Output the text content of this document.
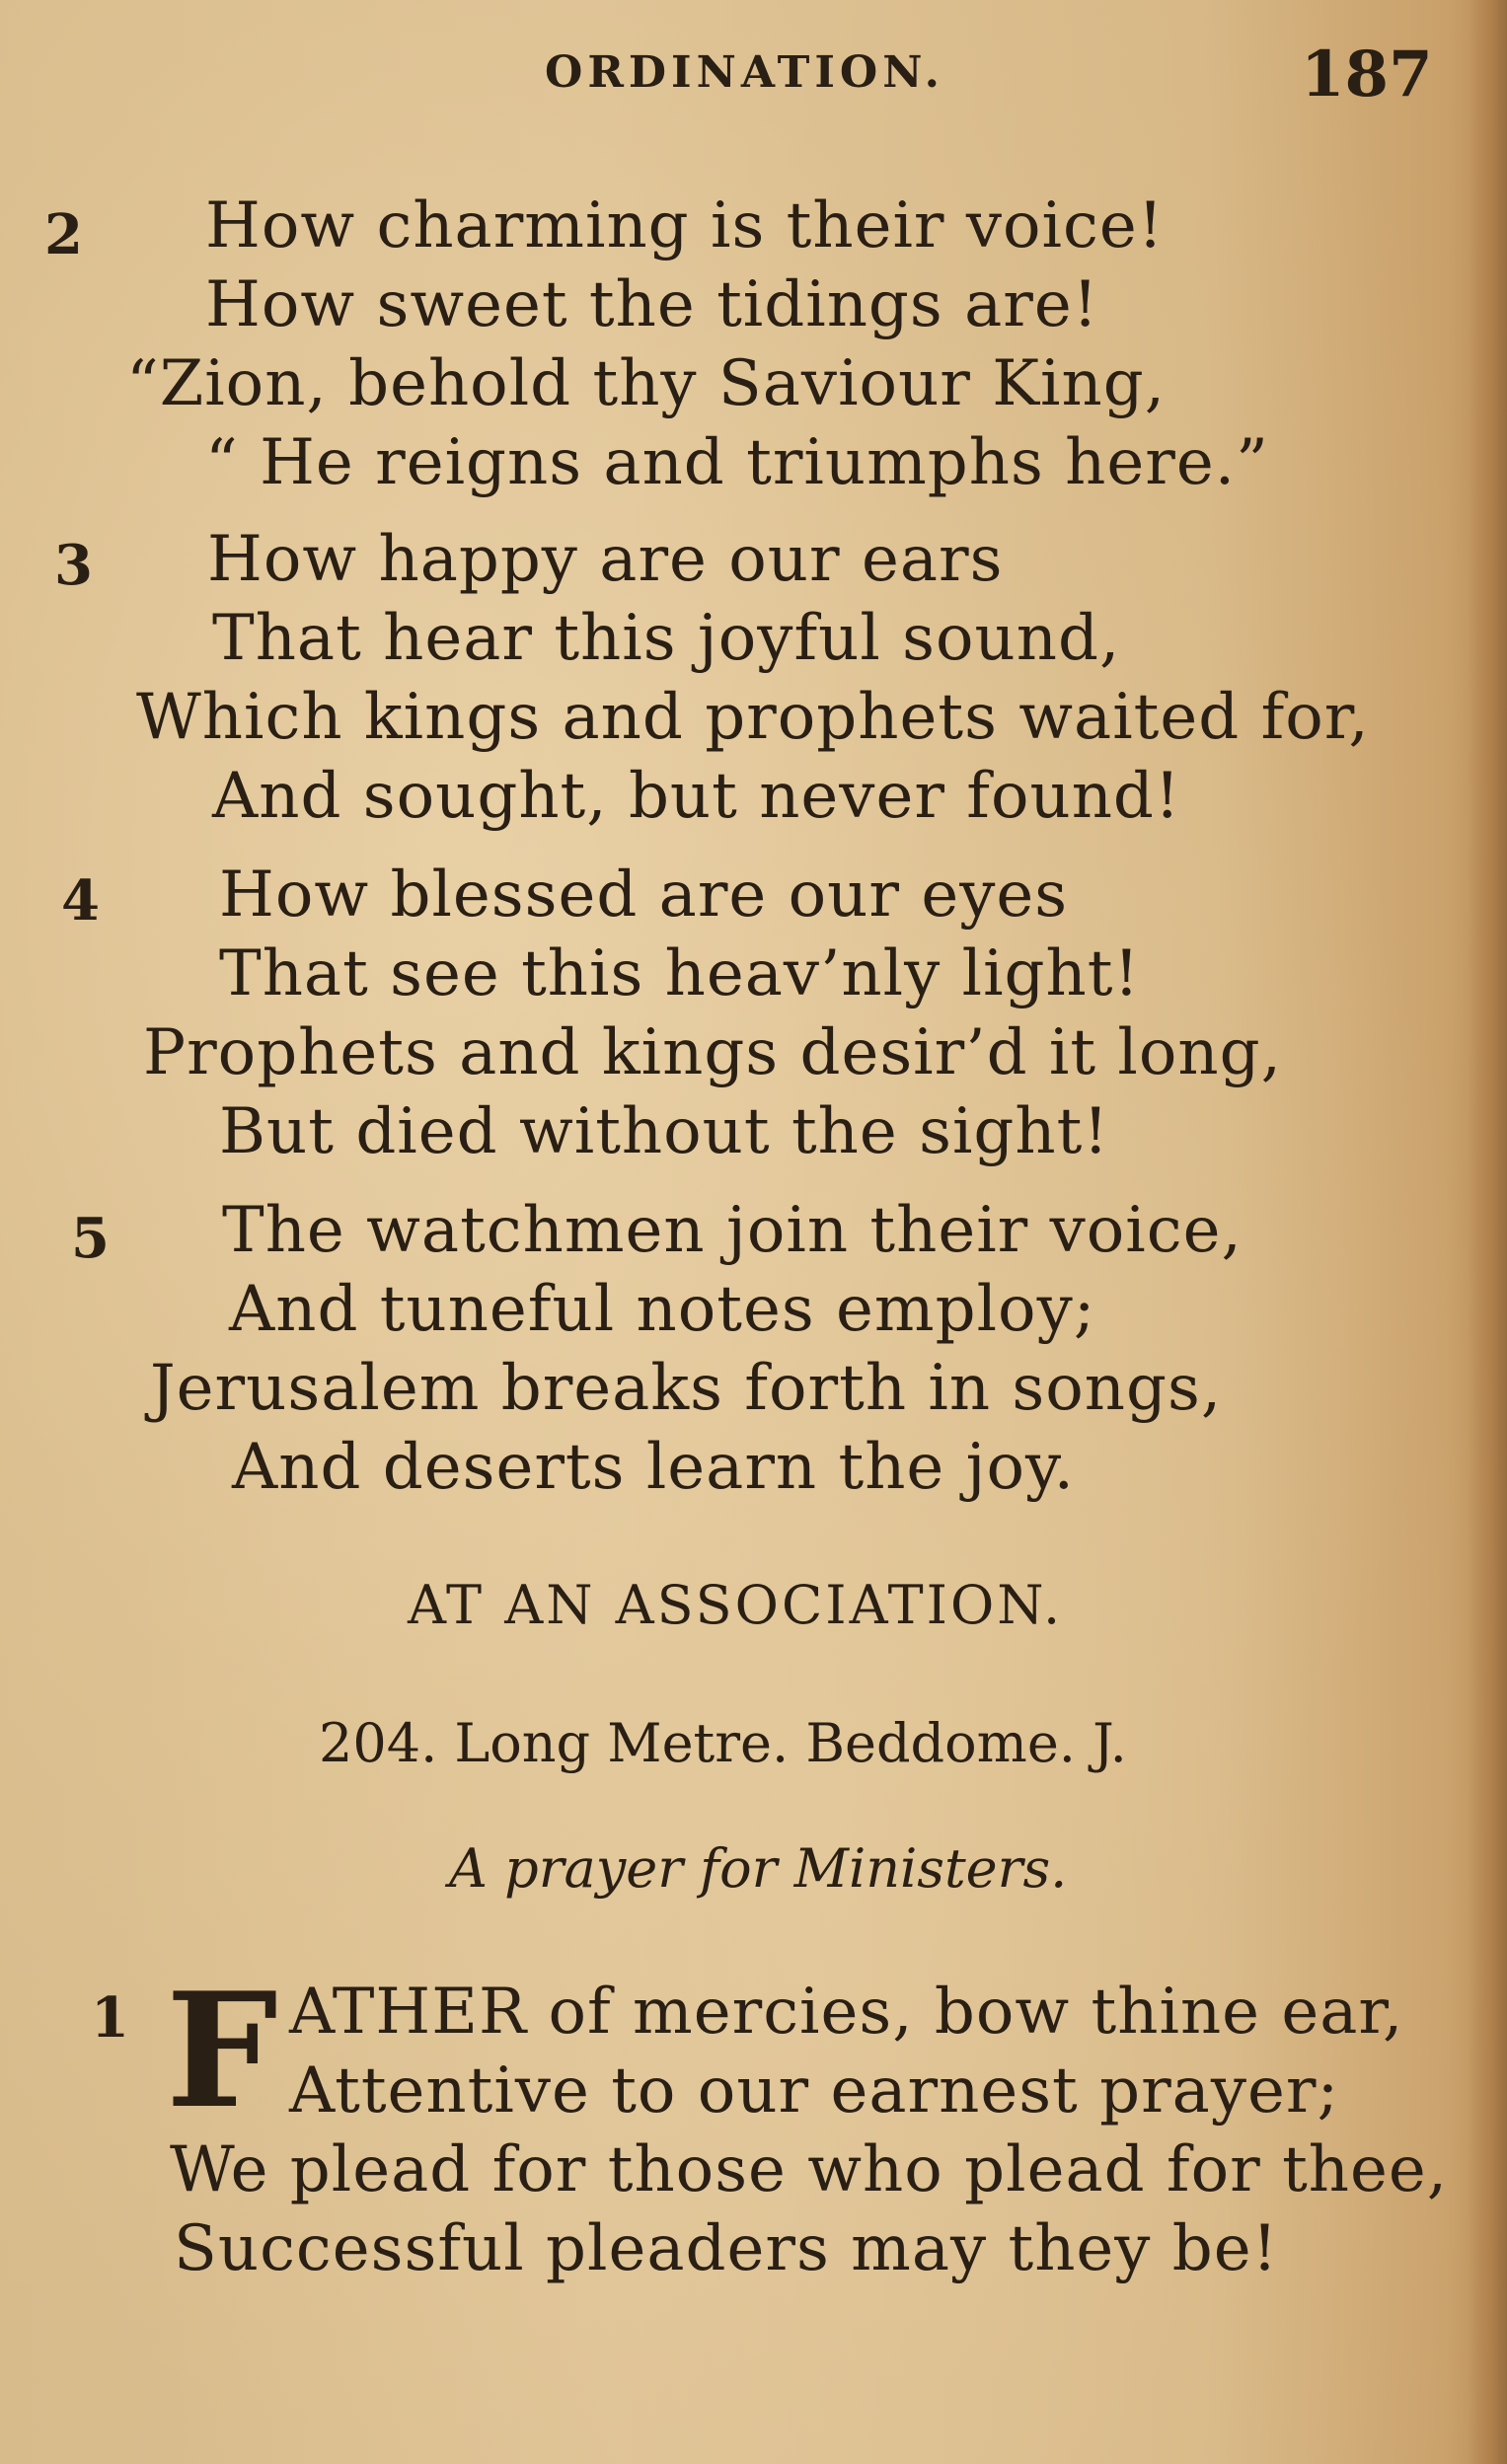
ORDINATION.	187
2 How charming is their voice!
How sweet the tidings are!
“Zion, behold thy Saviour King,
“ He reigns and triumphs here.”
3 How happy are our ears
That hear this joyful sound,
Which kings and prophets waited for,
And sought, but never found!
4 How blessed are our eyes
That see this heav’nly light!
Prophets and kings desir’d it long,
But died without the sight!
5 The watchmen join their voice,
And tuneful notes employ;
Jerusalem breaks forth in songs,
And deserts learn the joy.
AT AN ASSOCIATION.
204. Long Metre. Beddome. J.
A prayer for Ministers.
1 F ATHER of mercies, bow thine ear,
Attentive to our earnest prayer;
We plead for those who plead for thee,
Successful pleaders may they be!
